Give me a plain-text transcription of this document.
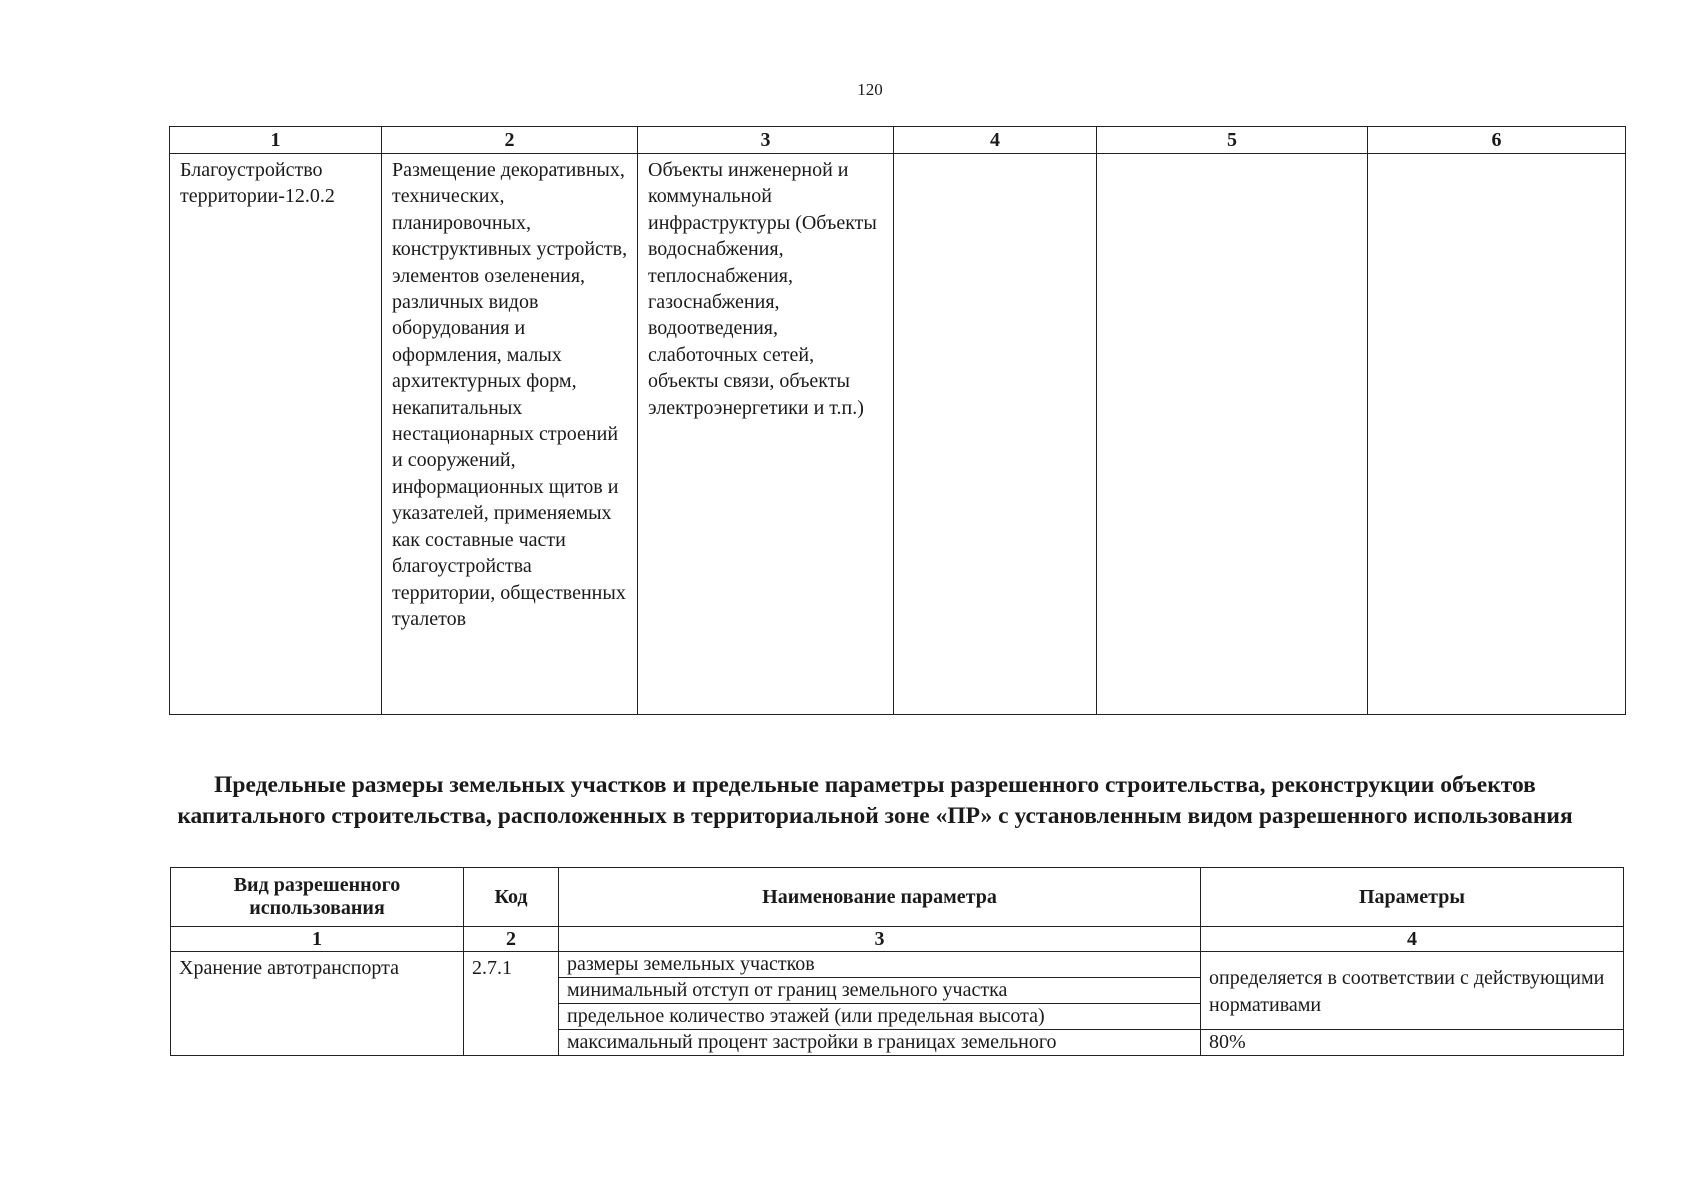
120
1	2	3	4	5	6
Благоустройство территории-12.0.2	Размещение декоративных, технических, планировочных, конструктивных устройств, элементов озеленения, различных видов оборудования и оформления, малых архитектурных форм, некапитальных нестационарных строений и сооружений, информационных щитов и указателей, применяемых как составные части благоустройства территории, общественных туалетов	Объекты инженерной и коммунальной инфраструктуры (Объекты водоснабжения, теплоснабжения, газоснабжения, водоотведения, слаботочных сетей, объекты связи, объекты электроэнергетики и т.п.)			
Предельные размеры земельных участков и предельные параметры разрешенного строительства, реконструкции объектов капитального строительства, расположенных в территориальной зоне «ПР» с установленным видом разрешенного использования
Вид разрешенного использования	Код	Наименование параметра	Параметры
1	2	3	4
Хранение автотранспорта	2.7.1	размеры земельных участков	определяется в соответствии с действующими нормативами
		минимальный отступ от границ земельного участка	
		предельное количество этажей (или предельная высота)	
		максимальный процент застройки в границах земельного	80%
